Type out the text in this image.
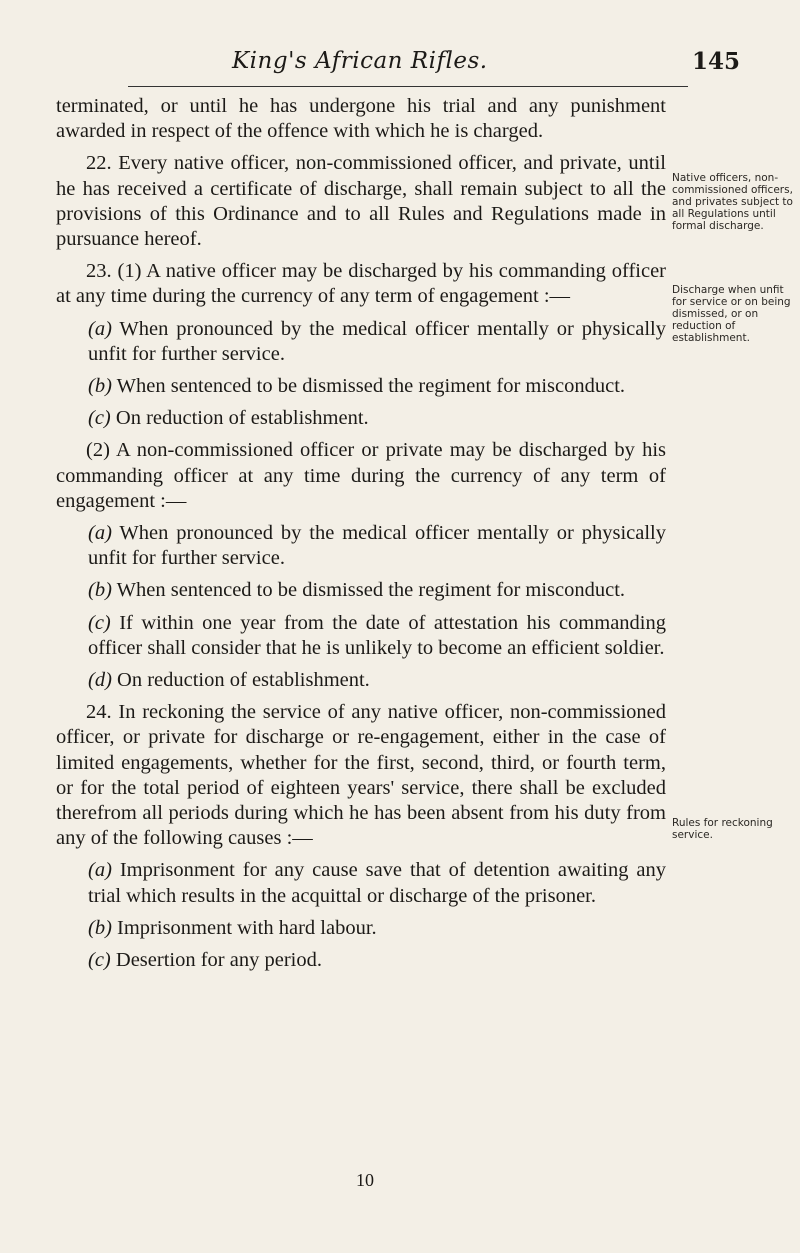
King's African Rifles.	145

terminated, or until he has undergone his trial and any punishment awarded in respect of the offence with which he is charged.

22. Every native officer, non-commissioned officer, and private, until he has received a certificate of discharge, shall remain subject to all the provisions of this Ordinance and to all Rules and Regulations made in pursuance hereof.

23. (1) A native officer may be discharged by his commanding officer at any time during the currency of any term of engagement :—

(a) When pronounced by the medical officer mentally or physically unfit for further service.

(b) When sentenced to be dismissed the regiment for misconduct.

(c) On reduction of establishment.

(2) A non-commissioned officer or private may be discharged by his commanding officer at any time during the currency of any term of engagement :—

(a) When pronounced by the medical officer mentally or physically unfit for further service.

(b) When sentenced to be dismissed the regiment for misconduct.

(c) If within one year from the date of attestation his commanding officer shall consider that he is unlikely to become an efficient soldier.

(d) On reduction of establishment.

24. In reckoning the service of any native officer, non-commissioned officer, or private for discharge or re-engagement, either in the case of limited engagements, whether for the first, second, third, or fourth term, or for the total period of eighteen years' service, there shall be excluded therefrom all periods during which he has been absent from his duty from any of the following causes :—

(a) Imprisonment for any cause save that of detention awaiting any trial which results in the acquittal or discharge of the prisoner.

(b) Imprisonment with hard labour.

(c) Desertion for any period.

Native officers, non-commissioned officers, and privates subject to all Regulations until formal discharge.
Discharge when unfit for service or on being dismissed, or on reduction of establishment.
Rules for reckoning service.
10
